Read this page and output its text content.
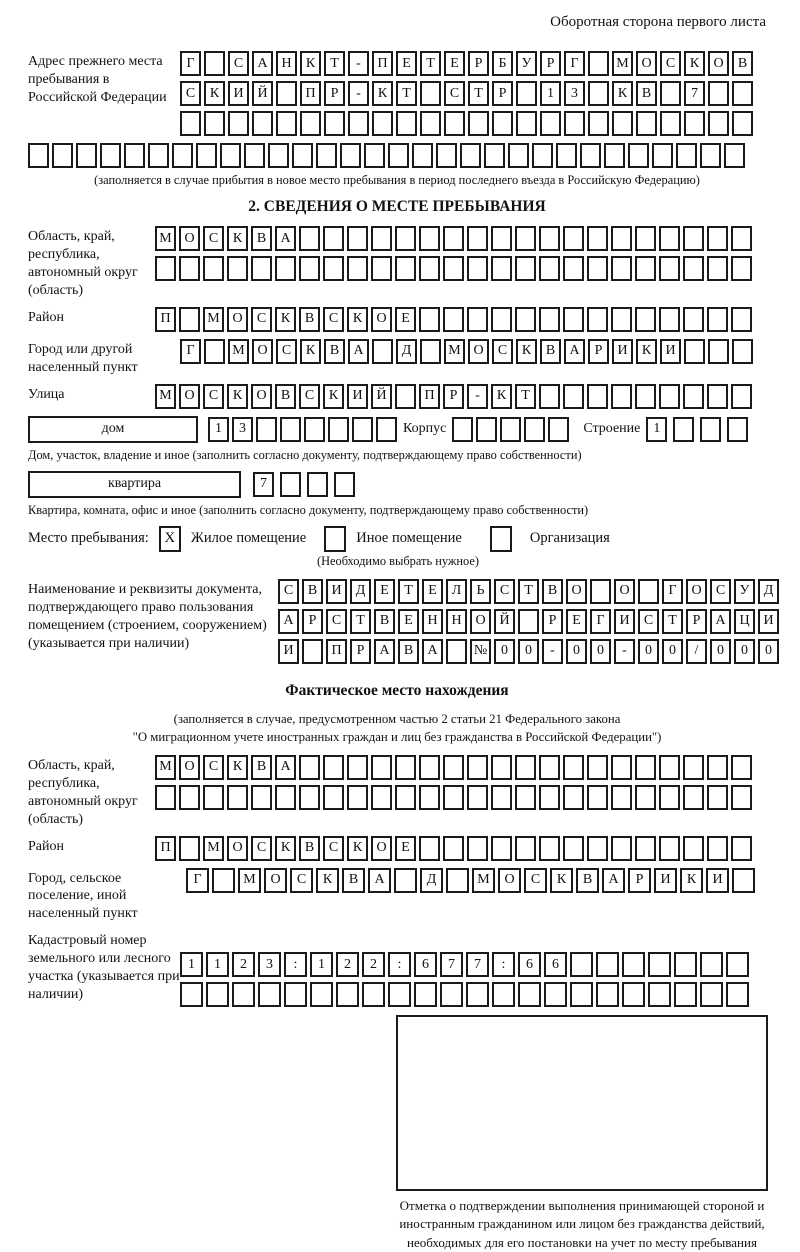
Оборотная сторона первого листа
Адрес прежнего места пребывания в Российской Федерации
Г	С	А Н	К	Т	-	П	Е	Т	Е	Р	Б	У	Р	Г	М О	С	К	О	В
С	К	И Й	П	Р	-	К	Т	С	Т	Р	1	3	К	В	7
(заполняется в случае прибытия в новое место пребывания в период последнего въезда в Российскую Федерацию)
2. СВЕДЕНИЯ О МЕСТЕ ПРЕБЫВАНИЯ
Область, край, республика, автономный округ (область)
М О	С	К	В	А
Район	П	М О	С	К	В	С	К	О	Е
Город или другой населенный пункт
Г	М О	С	К	В	А	Д	М О	С	К	В	А	Р	И	К	И
Улица	М О	С	К	О	В	С	К	И Й	П	Р	-	К	Т
дом	1	3	Корпус	Строение 1
Дом, участок, владение и иное (заполнить согласно документу, подтверждающему право собственности)
квартира	7
Квартира, комната, офис и иное (заполнить согласно документу, подтверждающему право собственности)
Место пребывания:	X	Жилое помещение	Иное помещение	Организация
(Необходимо выбрать нужное)
Наименование и реквизиты документа, подтверждающего право пользования помещением (строением, сооружением) (указывается при наличии)
С	В	И	Д	Е	Т	Е	Л	Ь	С	Т	В	О	О	Г	О	С	У	Д
А	Р	С	Т	В	Е	Н Н О Й	Р	Е	Г	И	С	Т	Р	А Ц И
И	П	Р	А	В	А	№ 0	0	-	0	0	-	0	0	/	0	0	0
Фактическое место нахождения
(заполняется в случае, предусмотренном частью 2 статьи 21 Федерального закона
"О миграционном учете иностранных граждан и лиц без гражданства в Российской Федерации")
Область, край, республика, автономный округ (область)
М О	С	К	В	А
Район	П	М О	С	К	В	С	К	О	Е
Город, сельское поселение, иной населенный пункт
Г	М	О	С	К	В	А	Д	М	О	С	К	В	А	Р	И	К	И
Кадастровый номер земельного или лесного участка (указывается при наличии)
1	1	2	3	:	1	2	2	:	6	7	7	:	6	6
Отметка о подтверждении выполнения принимающей стороной и иностранным гражданином или лицом без гражданства действий, необходимых для его постановки на учет по месту пребывания
